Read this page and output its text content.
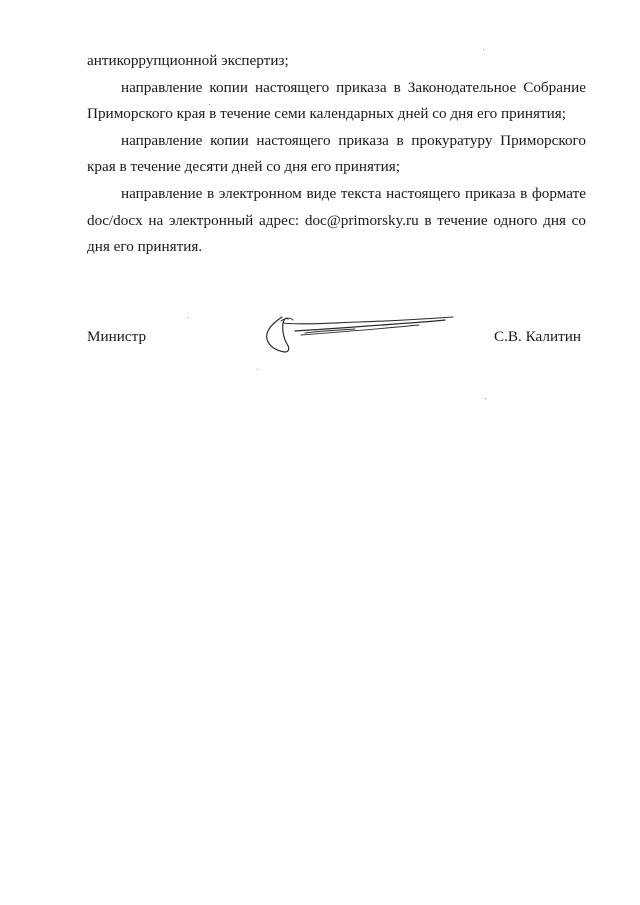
антикоррупционной экспертиз;

направление копии настоящего приказа в Законодательное Собрание Приморского края в течение семи календарных дней со дня его принятия;

направление копии настоящего приказа в прокуратуру Приморского края в течение десяти дней со дня его принятия;

направление в электронном виде текста настоящего приказа в формате doc/docx на электронный адрес: doc@primorsky.ru в течение одного дня со дня его принятия.

Министр	С.В. Калитин
